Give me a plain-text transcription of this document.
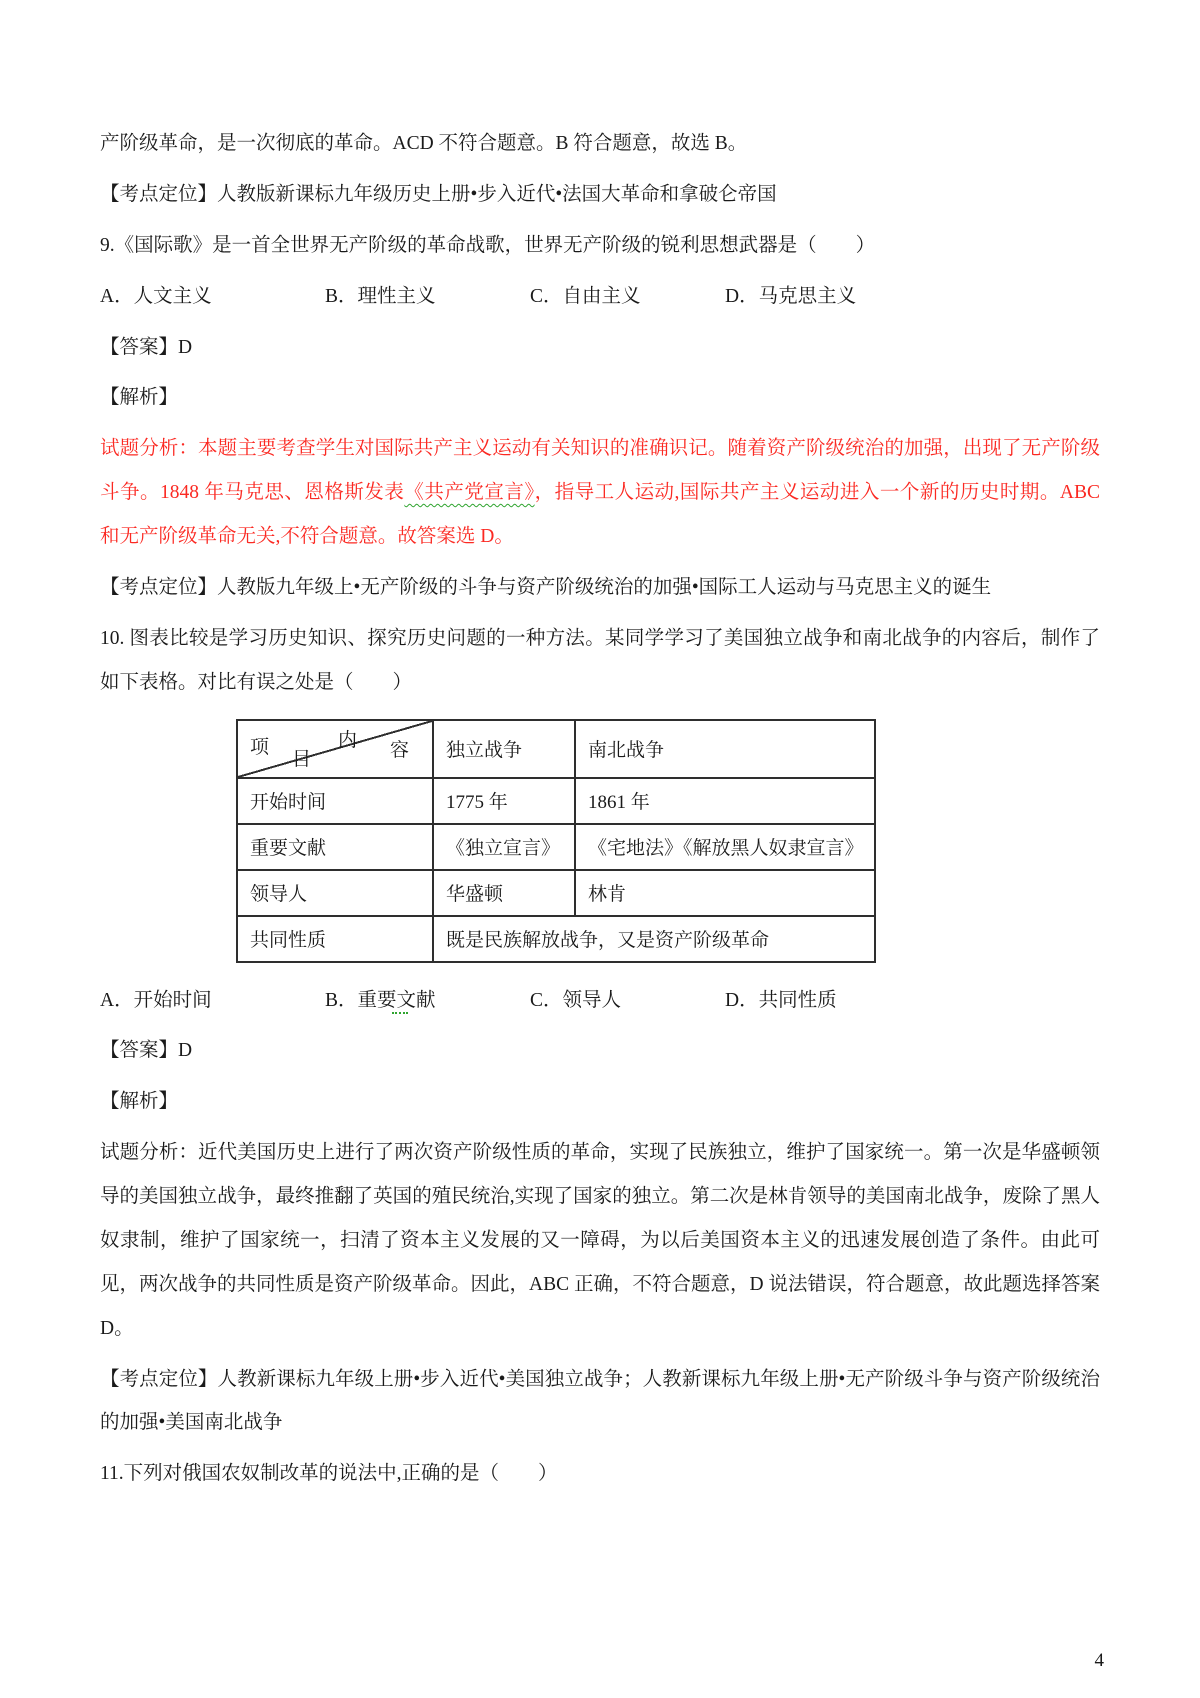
产阶级革命，是一次彻底的革命。ACD 不符合题意。B 符合题意，故选 B。

【考点定位】人教版新课标九年级历史上册•步入近代•法国大革命和拿破仑帝国

9.《国际歌》是一首全世界无产阶级的革命战歌，世界无产阶级的锐利思想武器是（　　）

A．人文主义	B．理性主义	C．自由主义	D．马克思主义

【答案】D

【解析】

试题分析：本题主要考查学生对国际共产主义运动有关知识的准确识记。随着资产阶级统治的加强，出现了无产阶级斗争。1848 年马克思、恩格斯发表《共产党宣言》，指导工人运动,国际共产主义运动进入一个新的历史时期。ABC 和无产阶级革命无关,不符合题意。故答案选 D。

【考点定位】人教版九年级上•无产阶级的斗争与资产阶级统治的加强•国际工人运动与马克思主义的诞生

10. 图表比较是学习历史知识、探究历史问题的一种方法。某同学学习了美国独立战争和南北战争的内容后，制作了如下表格。对比有误之处是（　　）

内 容
项
目	独立战争	南北战争
开始时间	1775 年	1861 年
重要文献	《独立宣言》	《宅地法》《解放黑人奴隶宣言》
领导人	华盛顿	林肯
共同性质	既是民族解放战争，又是资产阶级革命	
A．开始时间	B．重要文献	C．领导人	D．共同性质

【答案】D

【解析】

试题分析：近代美国历史上进行了两次资产阶级性质的革命，实现了民族独立，维护了国家统一。第一次是华盛顿领导的美国独立战争，最终推翻了英国的殖民统治,实现了国家的独立。第二次是林肯领导的美国南北战争，废除了黑人奴隶制，维护了国家统一，扫清了资本主义发展的又一障碍，为以后美国资本主义的迅速发展创造了条件。由此可见，两次战争的共同性质是资产阶级革命。因此，ABC 正确，不符合题意，D 说法错误，符合题意，故此题选择答案 D。

【考点定位】人教新课标九年级上册•步入近代•美国独立战争；人教新课标九年级上册•无产阶级斗争与资产阶级统治的加强•美国南北战争

11.下列对俄国农奴制改革的说法中,正确的是（　　）

4
